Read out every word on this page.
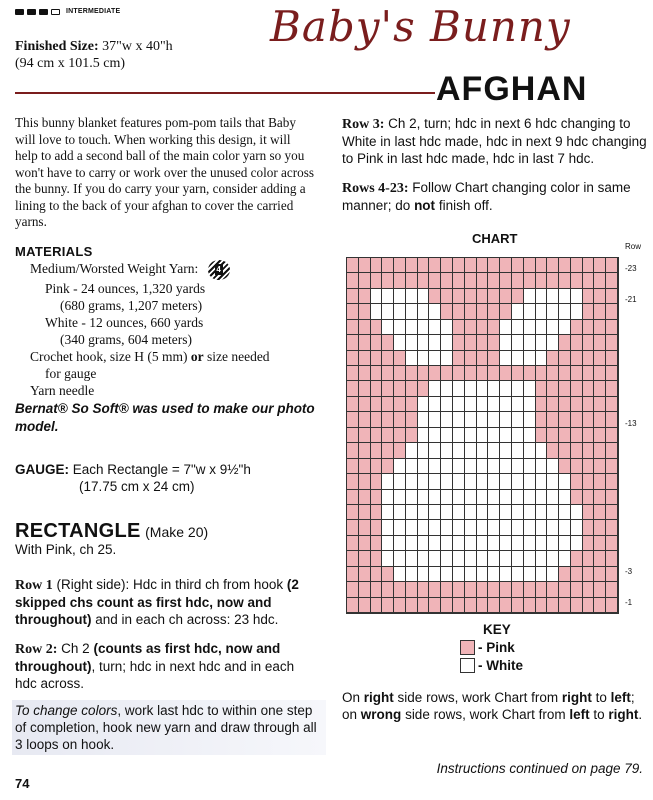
INTERMEDIATE
Finished Size: 37"w x 40"h
(94 cm x 101.5 cm)
Baby's Bunny
AFGHAN
This bunny blanket features pom-pom tails that Baby will love to touch. When working this design, it will help to add a second ball of the main color yarn so you won't have to carry or work over the unused color across the bunny. If you do carry your yarn, consider adding a lining to the back of your afghan to cover the carried yarns.
MATERIALS
Medium/Worsted Weight Yarn: 4
Pink - 24 ounces, 1,320 yards
(680 grams, 1,207 meters)
White - 12 ounces, 660 yards
(340 grams, 604 meters)
Crochet hook, size H (5 mm) or size needed
for gauge
Yarn needle
Bernat® So Soft® was used to make our photo model.
GAUGE: Each Rectangle = 7"w x 9½"h
(17.75 cm x 24 cm)
RECTANGLE (Make 20)
With Pink, ch 25.
Row 1 (Right side): Hdc in third ch from hook (2 skipped chs count as first hdc, now and throughout) and in each ch across: 23 hdc.
Row 2: Ch 2 (counts as first hdc, now and throughout), turn; hdc in next hdc and in each hdc across.
To change colors, work last hdc to within one step of completion, hook new yarn and draw through all 3 loops on hook.
74
Row 3: Ch 2, turn; hdc in next 6 hdc changing to White in last hdc made, hdc in next 9 hdc changing to Pink in last hdc made, hdc in last 7 hdc.
Rows 4-23: Follow Chart changing color in same manner; do not finish off.
CHART
Row
-23
-21
-13
-3
-1
KEY
- Pink
- White
On right side rows, work Chart from right to left; on wrong side rows, work Chart from left to right.
Instructions continued on page 79.
